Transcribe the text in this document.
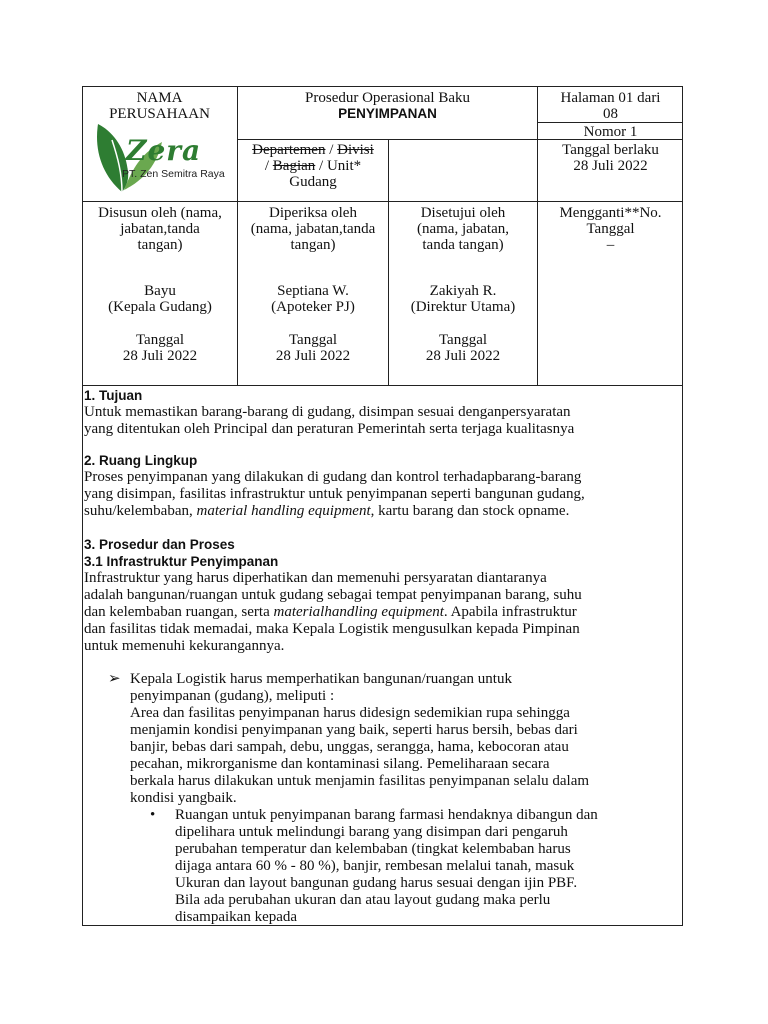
NAMA
PERUSAHAAN
Zera
PT. Zen Semitra Raya
Prosedur Operasional Baku
PENYIMPANAN
Halaman 01 dari
08
Nomor 1
Departemen / Divisi
/ Bagian / Unit*
Gudang
Tanggal berlaku
28 Juli 2022
Disusun oleh (nama,
jabatan,tanda
tangan)
Bayu
(Kepala Gudang)
Tanggal
28 Juli 2022
Diperiksa oleh
(nama, jabatan,tanda
tangan)
Septiana W.
(Apoteker PJ)
Tanggal
28 Juli 2022
Disetujui oleh
(nama, jabatan,
tanda tangan)
Zakiyah R.
(Direktur Utama)
Tanggal
28 Juli 2022
Mengganti**No.
Tanggal
–

1. Tujuan

Untuk memastikan barang-barang di gudang, disimpan sesuai denganpersyaratan

yang ditentukan oleh Principal dan peraturan Pemerintah serta terjaga kualitasnya

2. Ruang Lingkup

Proses penyimpanan yang dilakukan di gudang dan kontrol terhadapbarang-barang

yang disimpan, fasilitas infrastruktur untuk penyimpanan seperti bangunan gudang,

suhu/kelembaban, material handling equipment, kartu barang dan stock opname.

3. Prosedur dan Proses

3.1 Infrastruktur Penyimpanan

Infrastruktur yang harus diperhatikan dan memenuhi persyaratan diantaranya

adalah bangunan/ruangan untuk gudang sebagai tempat penyimpanan barang, suhu

dan kelembaban ruangan, serta materialhandling equipment. Apabila infrastruktur

dan fasilitas tidak memadai, maka Kepala Logistik mengusulkan kepada Pimpinan

untuk memenuhi kekurangannya.

➢ Kepala Logistik harus memperhatikan bangunan/ruangan untuk
penyimpanan (gudang), meliputi :
Area dan fasilitas penyimpanan harus didesign sedemikian rupa sehingga
menjamin kondisi penyimpanan yang baik, seperti harus bersih, bebas dari
banjir, bebas dari sampah, debu, unggas, serangga, hama, kebocoran atau
pecahan, mikrorganisme dan kontaminasi silang. Pemeliharaan secara
berkala harus dilakukan untuk menjamin fasilitas penyimpanan selalu dalam
kondisi yangbaik.
• Ruangan untuk penyimpanan barang farmasi hendaknya dibangun dan
dipelihara untuk melindungi barang yang disimpan dari pengaruh
perubahan temperatur dan kelembaban (tingkat kelembaban harus
dijaga antara 60 % - 80 %), banjir, rembesan melalui tanah, masuk
Ukuran dan layout bangunan gudang harus sesuai dengan ijin PBF.
Bila ada perubahan ukuran dan atau layout gudang maka perlu
disampaikan kepada
